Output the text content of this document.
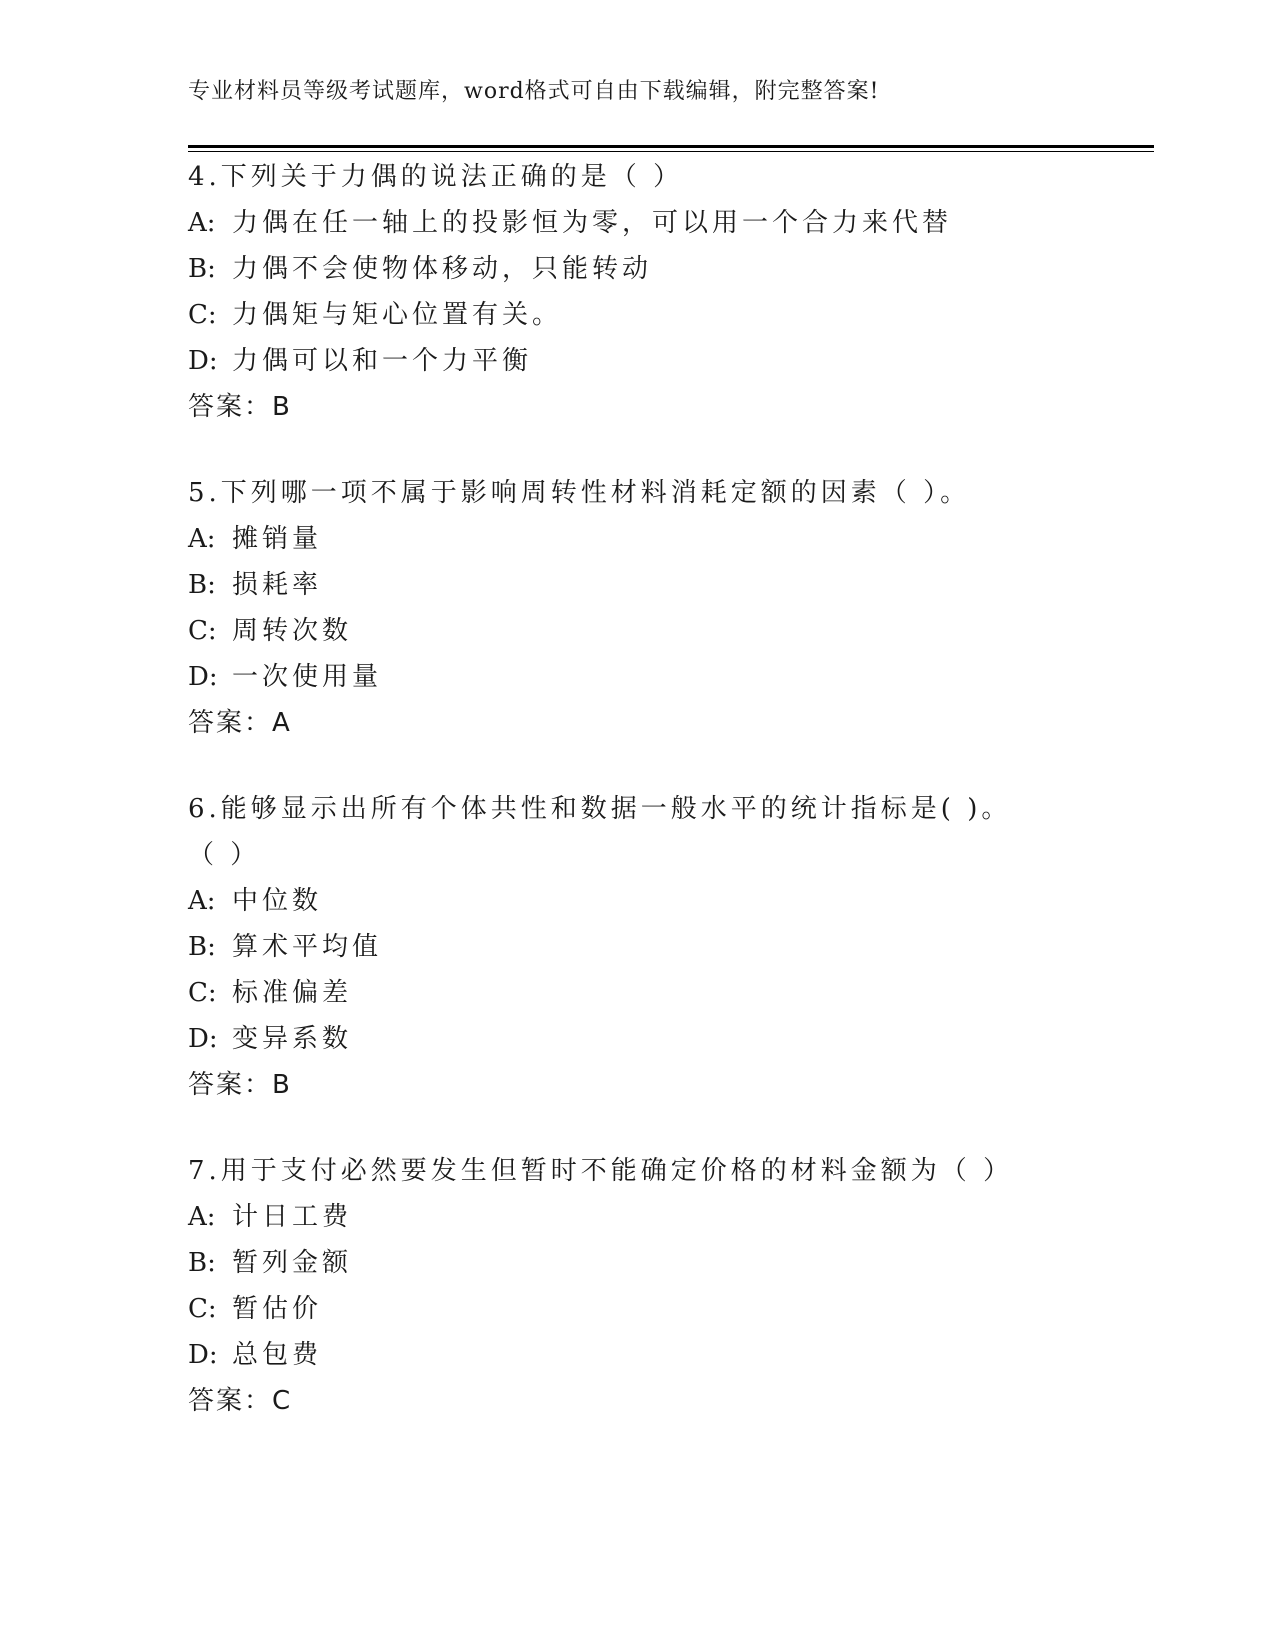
专业材料员等级考试题库，word格式可自由下载编辑，附完整答案!
4.下列关于力偶的说法正确的是（ ）
A: 力偶在任一轴上的投影恒为零，可以用一个合力来代替
B: 力偶不会使物体移动，只能转动
C: 力偶矩与矩心位置有关。
D: 力偶可以和一个力平衡
答案：B
5.下列哪一项不属于影响周转性材料消耗定额的因素（ ）。
A: 摊销量
B: 损耗率
C: 周转次数
D: 一次使用量
答案：A
6.能够显示出所有个体共性和数据一般水平的统计指标是( )。（ ）
A: 中位数
B: 算术平均值
C: 标准偏差
D: 变异系数
答案：B
7.用于支付必然要发生但暂时不能确定价格的材料金额为（ ）
A: 计日工费
B: 暂列金额
C: 暂估价
D: 总包费
答案：C
